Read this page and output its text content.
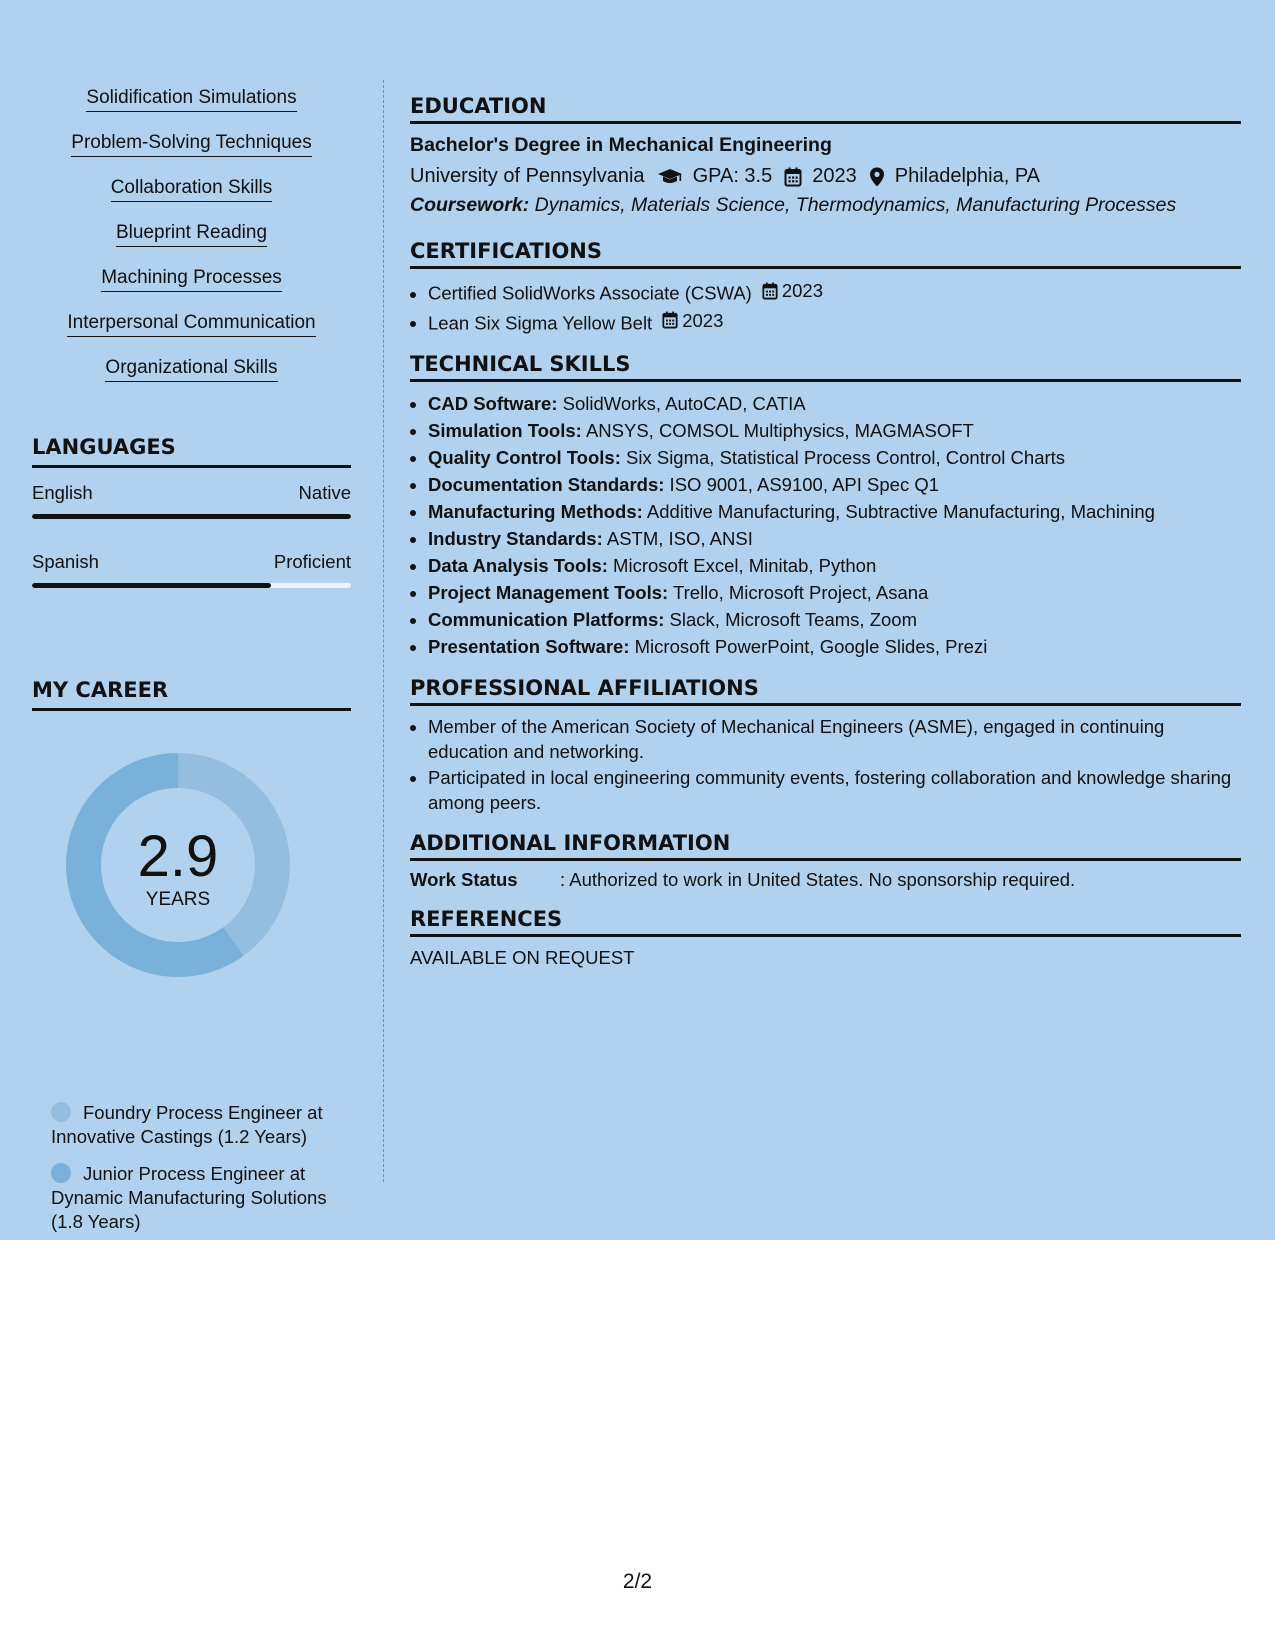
Solidification Simulations
Problem-Solving Techniques
Collaboration Skills
Blueprint Reading
Machining Processes
Interpersonal Communication
Organizational Skills
LANGUAGES
English	Native
Spanish	Proficient
MY CAREER
2.9
YEARS
Foundry Process Engineer at Innovative Castings (1.2 Years)
Junior Process Engineer at Dynamic Manufacturing Solutions (1.8 Years)
EDUCATION
Bachelor's Degree in Mechanical Engineering
University of Pennsylvania GPA: 3.5 2023 Philadelphia, PA
Coursework: Dynamics, Materials Science, Thermodynamics, Manufacturing Processes
CERTIFICATIONS
• Certified SolidWorks Associate (CSWA) 2023
• Lean Six Sigma Yellow Belt 2023
TECHNICAL SKILLS
• CAD Software: SolidWorks, AutoCAD, CATIA
• Simulation Tools: ANSYS, COMSOL Multiphysics, MAGMASOFT
• Quality Control Tools: Six Sigma, Statistical Process Control, Control Charts
• Documentation Standards: ISO 9001, AS9100, API Spec Q1
• Manufacturing Methods: Additive Manufacturing, Subtractive Manufacturing, Machining
• Industry Standards: ASTM, ISO, ANSI
• Data Analysis Tools: Microsoft Excel, Minitab, Python
• Project Management Tools: Trello, Microsoft Project, Asana
• Communication Platforms: Slack, Microsoft Teams, Zoom
• Presentation Software: Microsoft PowerPoint, Google Slides, Prezi
PROFESSIONAL AFFILIATIONS
• Member of the American Society of Mechanical Engineers (ASME), engaged in continuing education and networking.
• Participated in local engineering community events, fostering collaboration and knowledge sharing among peers.
ADDITIONAL INFORMATION
Work Status	: Authorized to work in United States. No sponsorship required.
REFERENCES
AVAILABLE ON REQUEST
2/2
